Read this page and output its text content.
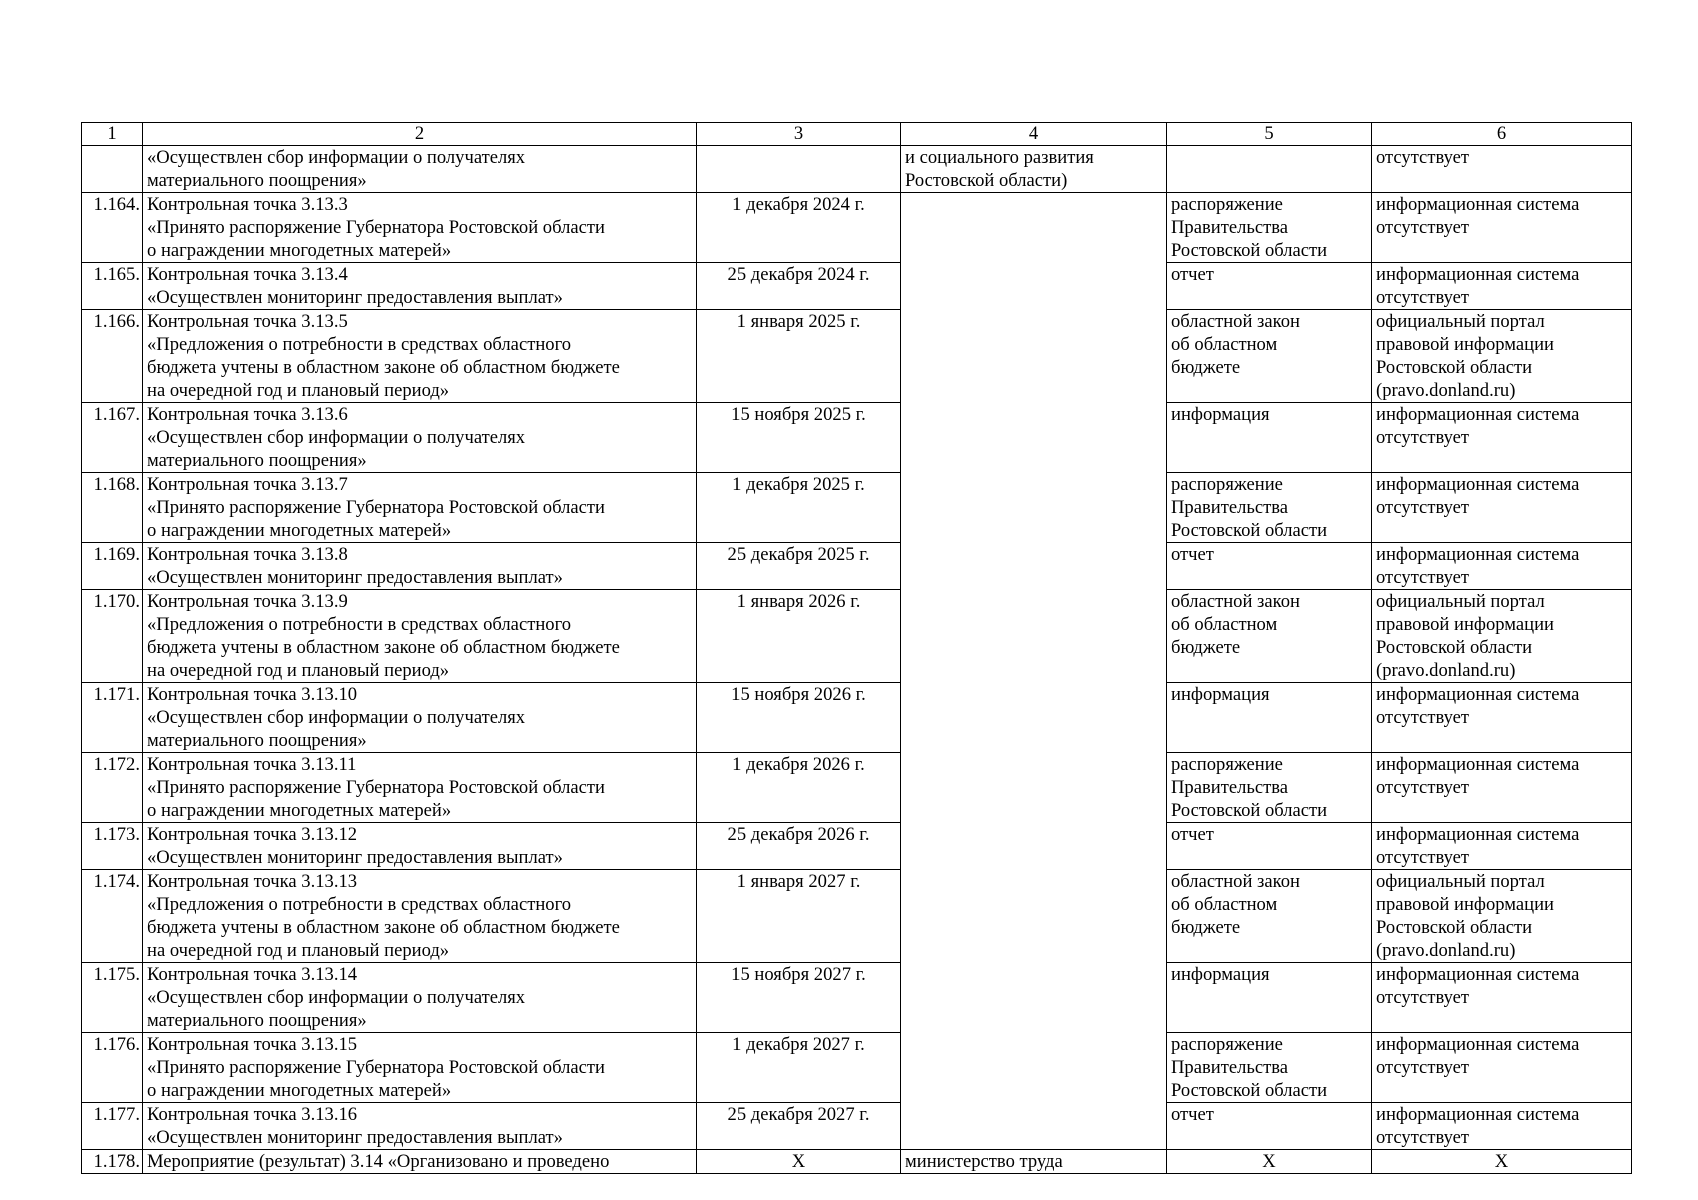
1	2	3	4	5	6
	«Осуществлен сбор информации о получателях
материального поощрения»		и социального развития
Ростовской области)		отсутствует
1.164.	Контрольная точка 3.13.3
«Принято распоряжение Губернатора Ростовской области
о награждении многодетных матерей»	1 декабря 2024 г.		распоряжение
Правительства
Ростовской области	информационная система
отсутствует
1.165.	Контрольная точка 3.13.4
«Осуществлен мониторинг предоставления выплат»	25 декабря 2024 г.		отчет	информационная система
отсутствует
1.166.	Контрольная точка 3.13.5
«Предложения о потребности в средствах областного
бюджета учтены в областном законе об областном бюджете
на очередной год и плановый период»	1 января 2025 г.		областной закон
об областном
бюджете	официальный портал
правовой информации
Ростовской области
(pravo.donland.ru)
1.167.	Контрольная точка 3.13.6
«Осуществлен сбор информации о получателях
материального поощрения»	15 ноября 2025 г.		информация	информационная система
отсутствует
1.168.	Контрольная точка 3.13.7
«Принято распоряжение Губернатора Ростовской области
о награждении многодетных матерей»	1 декабря 2025 г.		распоряжение
Правительства
Ростовской области	информационная система
отсутствует
1.169.	Контрольная точка 3.13.8
«Осуществлен мониторинг предоставления выплат»	25 декабря 2025 г.		отчет	информационная система
отсутствует
1.170.	Контрольная точка 3.13.9
«Предложения о потребности в средствах областного
бюджета учтены в областном законе об областном бюджете
на очередной год и плановый период»	1 января 2026 г.		областной закон
об областном
бюджете	официальный портал
правовой информации
Ростовской области
(pravo.donland.ru)
1.171.	Контрольная точка 3.13.10
«Осуществлен сбор информации о получателях
материального поощрения»	15 ноября 2026 г.		информация	информационная система
отсутствует
1.172.	Контрольная точка 3.13.11
«Принято распоряжение Губернатора Ростовской области
о награждении многодетных матерей»	1 декабря 2026 г.		распоряжение
Правительства
Ростовской области	информационная система
отсутствует
1.173.	Контрольная точка 3.13.12
«Осуществлен мониторинг предоставления выплат»	25 декабря 2026 г.		отчет	информационная система
отсутствует
1.174.	Контрольная точка 3.13.13
«Предложения о потребности в средствах областного
бюджета учтены в областном законе об областном бюджете
на очередной год и плановый период»	1 января 2027 г.		областной закон
об областном
бюджете	официальный портал
правовой информации
Ростовской области
(pravo.donland.ru)
1.175.	Контрольная точка 3.13.14
«Осуществлен сбор информации о получателях
материального поощрения»	15 ноября 2027 г.		информация	информационная система
отсутствует
1.176.	Контрольная точка 3.13.15
«Принято распоряжение Губернатора Ростовской области
о награждении многодетных матерей»	1 декабря 2027 г.		распоряжение
Правительства
Ростовской области	информационная система
отсутствует
1.177.	Контрольная точка 3.13.16
«Осуществлен мониторинг предоставления выплат»	25 декабря 2027 г.		отчет	информационная система
отсутствует
1.178.	Мероприятие (результат) 3.14 «Организовано и проведено	Х	министерство труда	Х	Х
